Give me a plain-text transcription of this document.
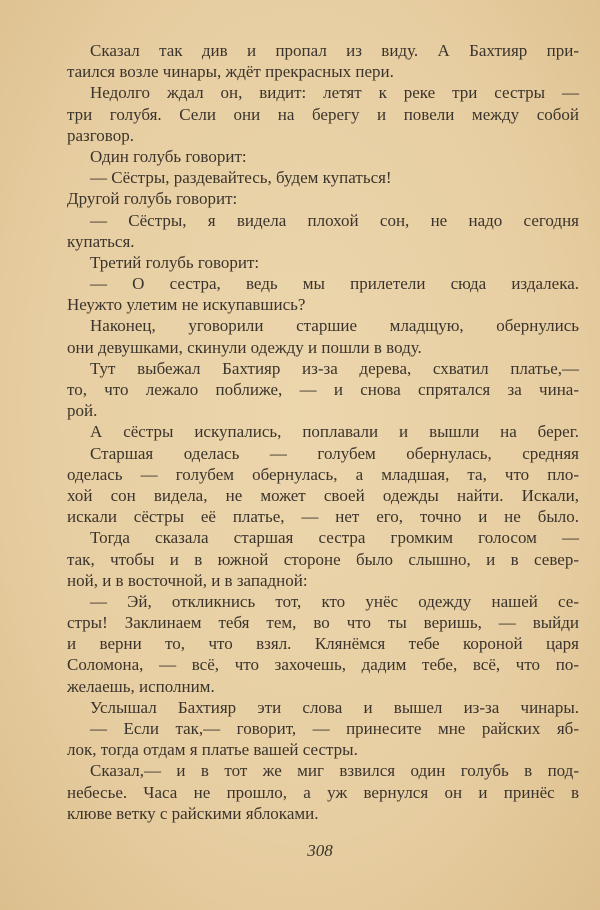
Сказал так див и пропал из виду. А Бахтияр при-
таился возле чинары, ждёт прекрасных пери.
Недолго ждал он, видит: летят к реке три сестры —
три голубя. Сели они на берегу и повели между собой
разговор.
Один голубь говорит:
— Сёстры, раздевайтесь, будем купаться!
Другой голубь говорит:
— Сёстры, я видела плохой сон, не надо сегодня
купаться.
Третий голубь говорит:
— О сестра, ведь мы прилетели сюда издалека.
Неужто улетим не искупавшись?
Наконец, уговорили старшие младщую, обернулись
они девушками, скинули одежду и пошли в воду.
Тут выбежал Бахтияр из-за дерева, схватил платье,—
то, что лежало поближе, — и снова спрятался за чина-
рой.
А сёстры искупались, поплавали и вышли на берег.
Старшая оделась — голубем обернулась, средняя
оделась — голубем обернулась, а младшая, та, что пло-
хой сон видела, не может своей одежды найти. Искали,
искали сёстры её платье, — нет его, точно и не было.
Тогда сказала старшая сестра громким голосом —
так, чтобы и в южной стороне было слышно, и в север-
ной, и в восточной, и в западной:
— Эй, откликнись тот, кто унёс одежду нашей се-
стры! Заклинаем тебя тем, во что ты веришь, — выйди
и верни то, что взял. Клянёмся тебе короной царя
Соломона, — всё, что захочешь, дадим тебе, всё, что по-
желаешь, исполним.
Услышал Бахтияр эти слова и вышел из-за чинары.
— Если так,— говорит, — принесите мне райских яб-
лок, тогда отдам я платье вашей сестры.
Сказал,— и в тот же миг взвился один голубь в под-
небесье. Часа не прошло, а уж вернулся он и принёс в
клюве ветку с райскими яблоками.
308
